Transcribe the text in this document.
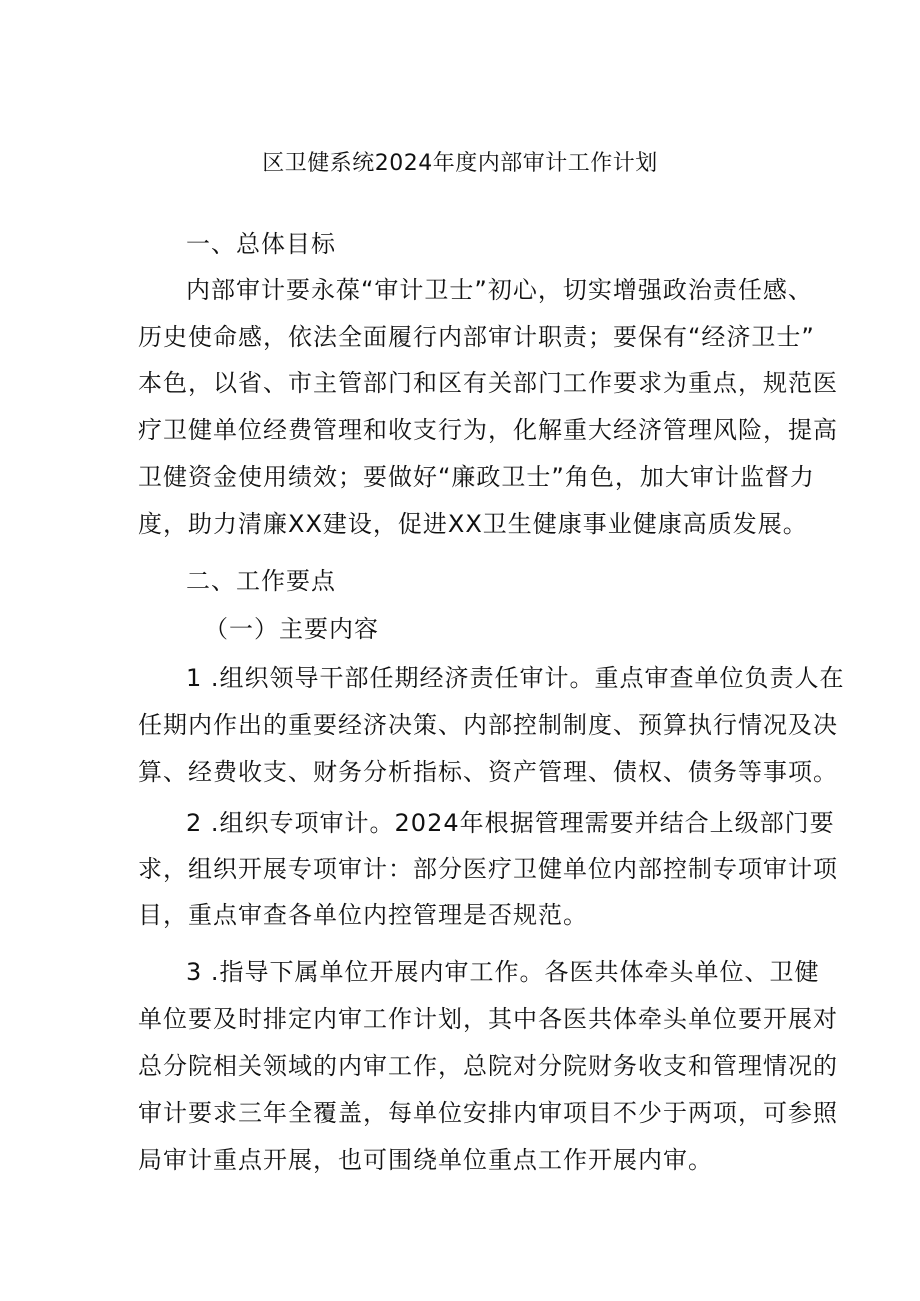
区卫健系统2024年度内部审计工作计划
一、总体目标
内部审计要永葆“审计卫士”初心，切实增强政治责任感、
历史使命感，依法全面履行内部审计职责；要保有“经济卫士”
本色，以省、市主管部门和区有关部门工作要求为重点，规范医
疗卫健单位经费管理和收支行为，化解重大经济管理风险，提高
卫健资金使用绩效；要做好“廉政卫士”角色，加大审计监督力
度，助力清廉XX建设，促进XX卫生健康事业健康高质发展。
二、工作要点
（一）主要内容
1 .组织领导干部任期经济责任审计。重点审查单位负责人在
任期内作出的重要经济决策、内部控制制度、预算执行情况及决
算、经费收支、财务分析指标、资产管理、债权、债务等事项。
2 .组织专项审计。2024年根据管理需要并结合上级部门要
求，组织开展专项审计：部分医疗卫健单位内部控制专项审计项
目，重点审查各单位内控管理是否规范。
3 .指导下属单位开展内审工作。各医共体牵头单位、卫健
单位要及时排定内审工作计划，其中各医共体牵头单位要开展对
总分院相关领域的内审工作，总院对分院财务收支和管理情况的
审计要求三年全覆盖，每单位安排内审项目不少于两项，可参照
局审计重点开展，也可围绕单位重点工作开展内审。
